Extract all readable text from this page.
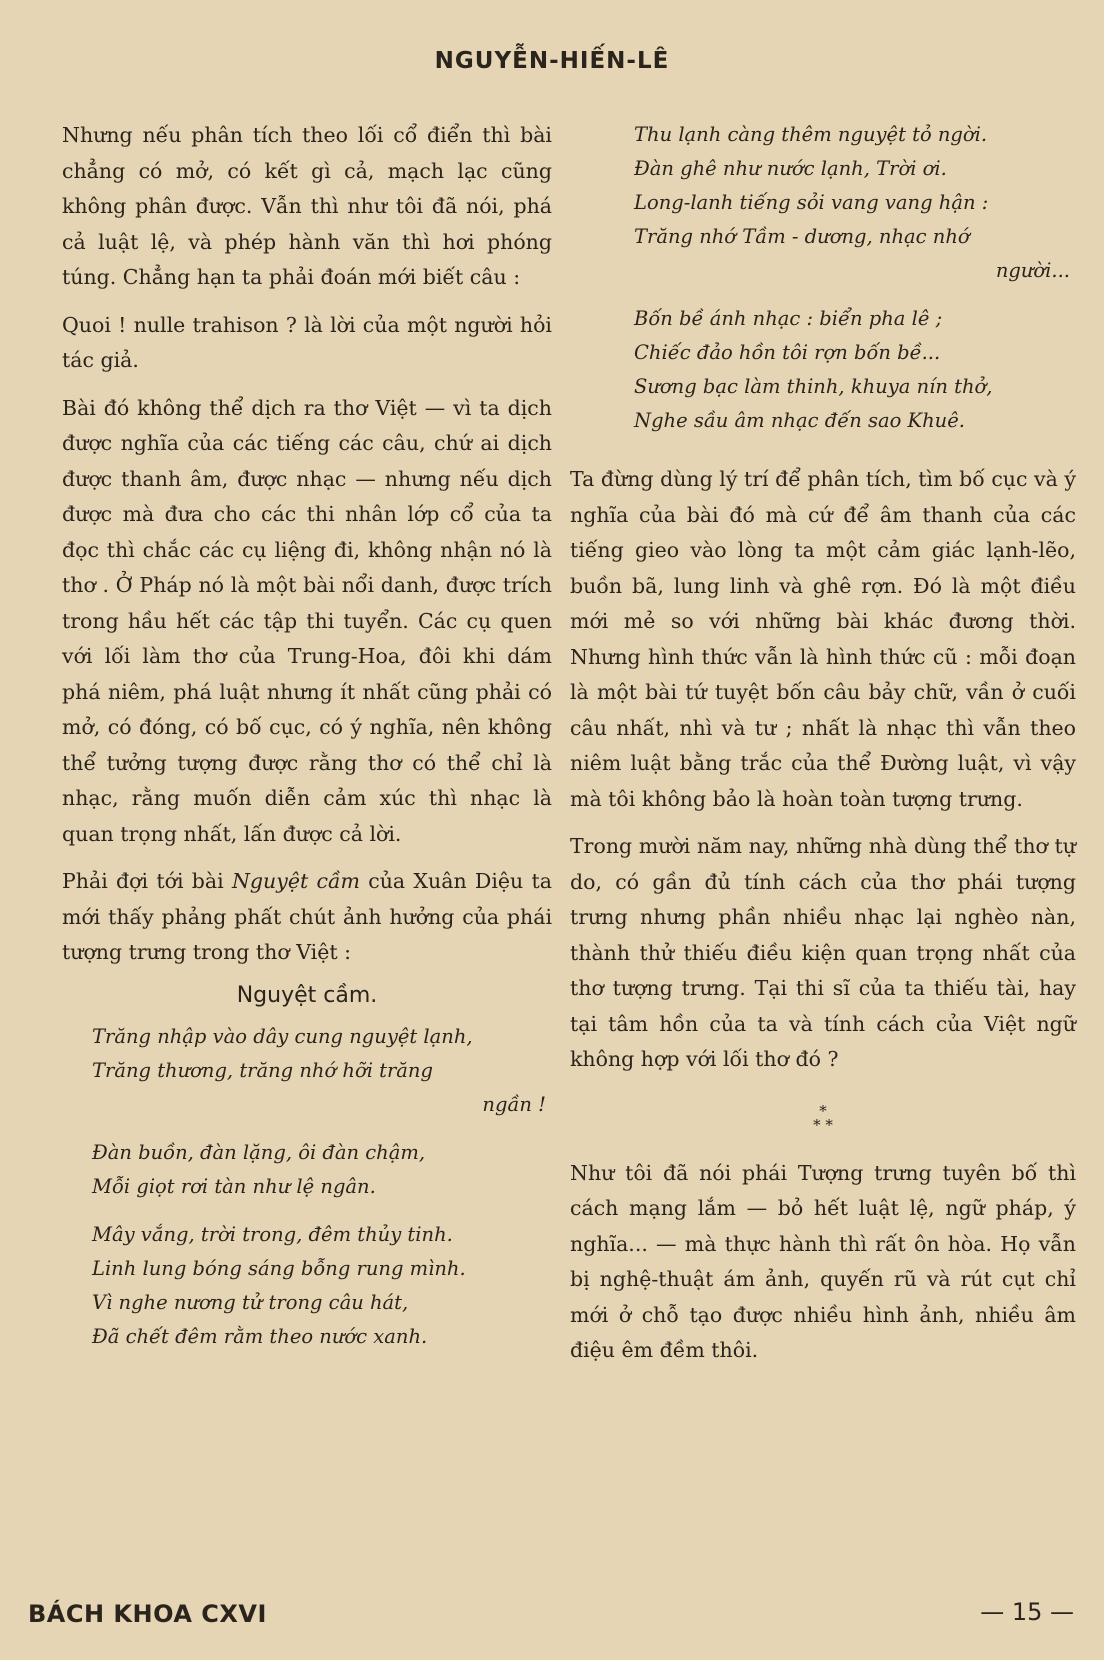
NGUYỄN-HIẾN-LÊ

Nhưng nếu phân tích theo lối cổ điển thì bài chẳng có mở, có kết gì cả, mạch lạc cũng không phân được. Vẫn thì như tôi đã nói, phá cả luật lệ, và phép hành văn thì hơi phóng túng. Chẳng hạn ta phải đoán mới biết câu :

Quoi ! nulle trahison ? là lời của một người hỏi tác giả.

Bài đó không thể dịch ra thơ Việt — vì ta dịch được nghĩa của các tiếng các câu, chứ ai dịch được thanh âm, được nhạc — nhưng nếu dịch được mà đưa cho các thi nhân lớp cổ của ta đọc thì chắc các cụ liệng đi, không nhận nó là thơ . Ở Pháp nó là một bài nổi danh, được trích trong hầu hết các tập thi tuyển. Các cụ quen với lối làm thơ của Trung-Hoa, đôi khi dám phá niêm, phá luật nhưng ít nhất cũng phải có mở, có đóng, có bố cục, có ý nghĩa, nên không thể tưởng tượng được rằng thơ có thể chỉ là nhạc, rằng muốn diễn cảm xúc thì nhạc là quan trọng nhất, lấn được cả lời.

Phải đợi tới bài Nguyệt cầm của Xuân Diệu ta mới thấy phảng phất chút ảnh hưởng của phái tượng trưng trong thơ Việt :

Nguyệt cầm.

Trăng nhập vào dây cung nguyệt lạnh,

Trăng thương, trăng nhớ hỡi trăng

ngần !

Đàn buồn, đàn lặng, ôi đàn chậm,

Mỗi giọt rơi tàn như lệ ngân.

Mây vắng, trời trong, đêm thủy tinh.

Linh lung bóng sáng bỗng rung mình.

Vì nghe nương tử trong câu hát,

Đã chết đêm rằm theo nước xanh.

Thu lạnh càng thêm nguyệt tỏ ngời.

Đàn ghê như nước lạnh, Trời ơi.

Long-lanh tiếng sỏi vang vang hận :

Trăng nhớ Tầm - dương, nhạc nhớ

người...

Bốn bề ánh nhạc : biển pha lê ;

Chiếc đảo hồn tôi rợn bốn bề...

Sương bạc làm thinh, khuya nín thở,

Nghe sầu âm nhạc đến sao Khuê.

Ta đừng dùng lý trí để phân tích, tìm bố cục và ý nghĩa của bài đó mà cứ để âm thanh của các tiếng gieo vào lòng ta một cảm giác lạnh-lẽo, buồn bã, lung linh và ghê rợn. Đó là một điều mới mẻ so với những bài khác đương thời. Nhưng hình thức vẫn là hình thức cũ : mỗi đoạn là một bài tứ tuyệt bốn câu bảy chữ, vần ở cuối câu nhất, nhì và tư ; nhất là nhạc thì vẫn theo niêm luật bằng trắc của thể Đường luật, vì vậy mà tôi không bảo là hoàn toàn tượng trưng.

Trong mười năm nay, những nhà dùng thể thơ tự do, có gần đủ tính cách của thơ phái tượng trưng nhưng phần nhiều nhạc lại nghèo nàn, thành thử thiếu điều kiện quan trọng nhất của thơ tượng trưng. Tại thi sĩ của ta thiếu tài, hay tại tâm hồn của ta và tính cách của Việt ngữ không hợp với lối thơ đó ?

*
* *

Như tôi đã nói phái Tượng trưng tuyên bố thì cách mạng lắm — bỏ hết luật lệ, ngữ pháp, ý nghĩa... — mà thực hành thì rất ôn hòa. Họ vẫn bị nghệ-thuật ám ảnh, quyến rũ và rút cụt chỉ mới ở chỗ tạo được nhiều hình ảnh, nhiều âm điệu êm đềm thôi.

BÁCH KHOA CXVI	— 15 —
